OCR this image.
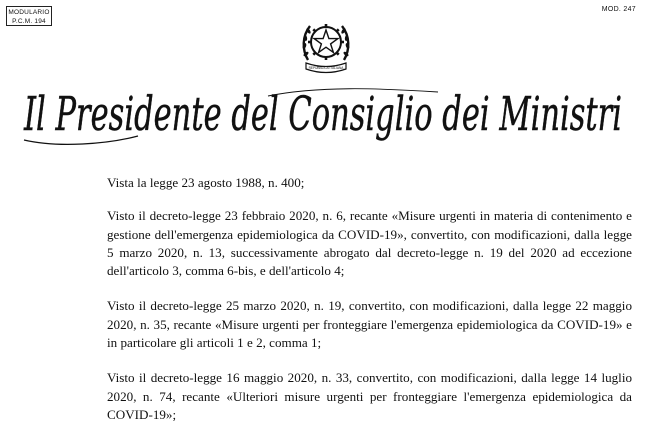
MODULARIO
P.C.M. 194
MOD. 247
REPUBBLICA ITALIANA
Il Presidente del Consiglio dei Ministri

Vista la legge 23 agosto 1988, n. 400;

Visto il decreto-legge 23 febbraio 2020, n. 6, recante «Misure urgenti in materia di contenimento e gestione dell'emergenza epidemiologica da COVID-19», convertito, con modificazioni, dalla legge 5 marzo 2020, n. 13, successivamente abrogato dal decreto-legge n. 19 del 2020 ad eccezione dell'articolo 3, comma 6-bis, e dell'articolo 4;

Visto il decreto-legge 25 marzo 2020, n. 19, convertito, con modificazioni, dalla legge 22 maggio 2020, n. 35, recante «Misure urgenti per fronteggiare l'emergenza epidemiologica da COVID-19» e in particolare gli articoli 1 e 2, comma 1;

Visto il decreto-legge 16 maggio 2020, n. 33, convertito, con modificazioni, dalla legge 14 luglio 2020, n. 74, recante «Ulteriori misure urgenti per fronteggiare l'emergenza epidemiologica da COVID-19»;
